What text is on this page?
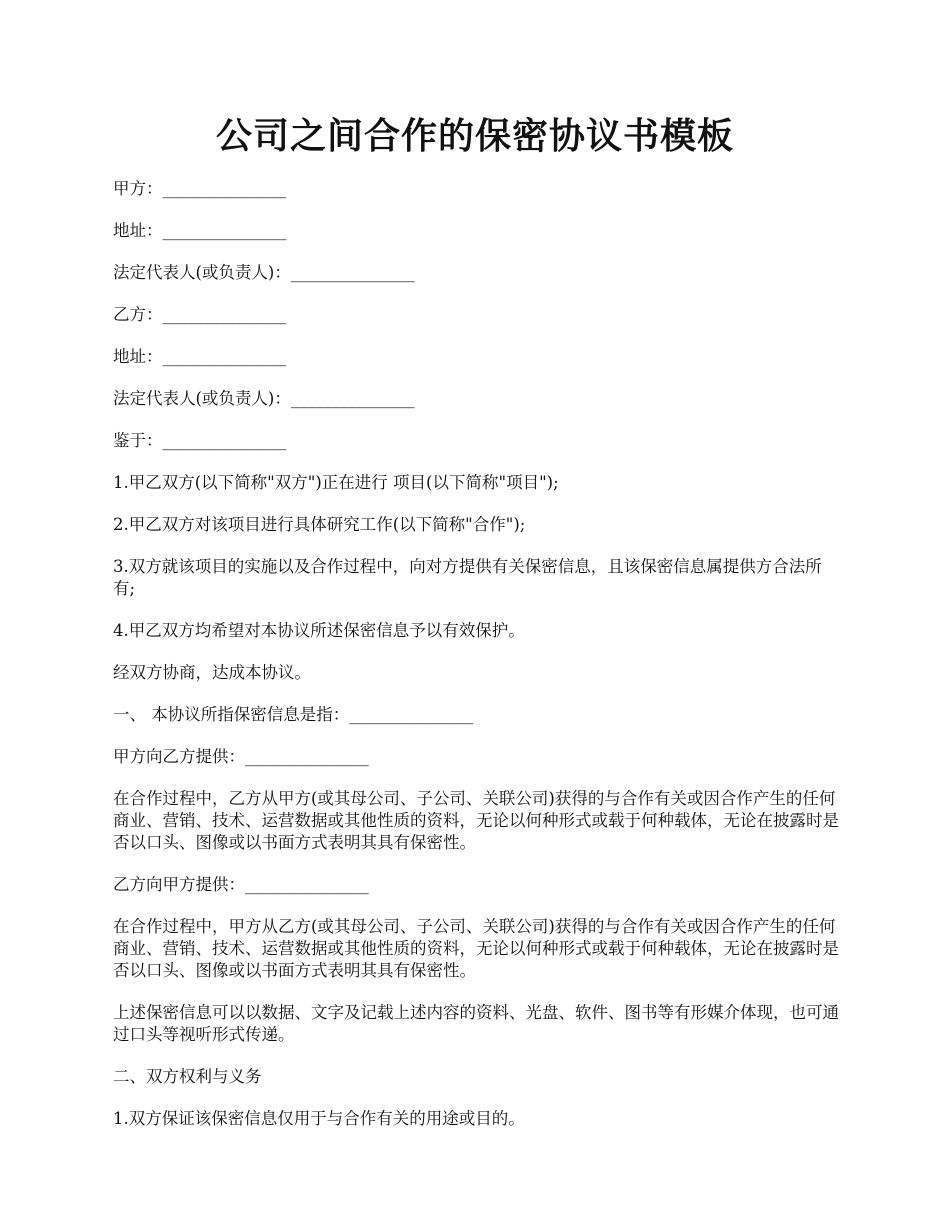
公司之间合作的保密协议书模板

甲方：_______________

地址：_______________

法定代表人(或负责人)：_______________

乙方：_______________

地址：_______________

法定代表人(或负责人)：_______________

鉴于：_______________

1.甲乙双方(以下简称"双方")正在进行 项目(以下简称"项目");

2.甲乙双方对该项目进行具体研究工作(以下简称"合作");

3.双方就该项目的实施以及合作过程中，向对方提供有关保密信息，且该保密信息属提供方合法所有;

4.甲乙双方均希望对本协议所述保密信息予以有效保护。

经双方协商，达成本协议。

一、 本协议所指保密信息是指：_______________

甲方向乙方提供：_______________

在合作过程中，乙方从甲方(或其母公司、子公司、关联公司)获得的与合作有关或因合作产生的任何商业、营销、技术、运营数据或其他性质的资料，无论以何种形式或载于何种载体，无论在披露时是否以口头、图像或以书面方式表明其具有保密性。

乙方向甲方提供：_______________

在合作过程中，甲方从乙方(或其母公司、子公司、关联公司)获得的与合作有关或因合作产生的任何商业、营销、技术、运营数据或其他性质的资料，无论以何种形式或载于何种载体，无论在披露时是否以口头、图像或以书面方式表明其具有保密性。

上述保密信息可以以数据、文字及记载上述内容的资料、光盘、软件、图书等有形媒介体现，也可通过口头等视听形式传递。

二、双方权利与义务

1.双方保证该保密信息仅用于与合作有关的用途或目的。
